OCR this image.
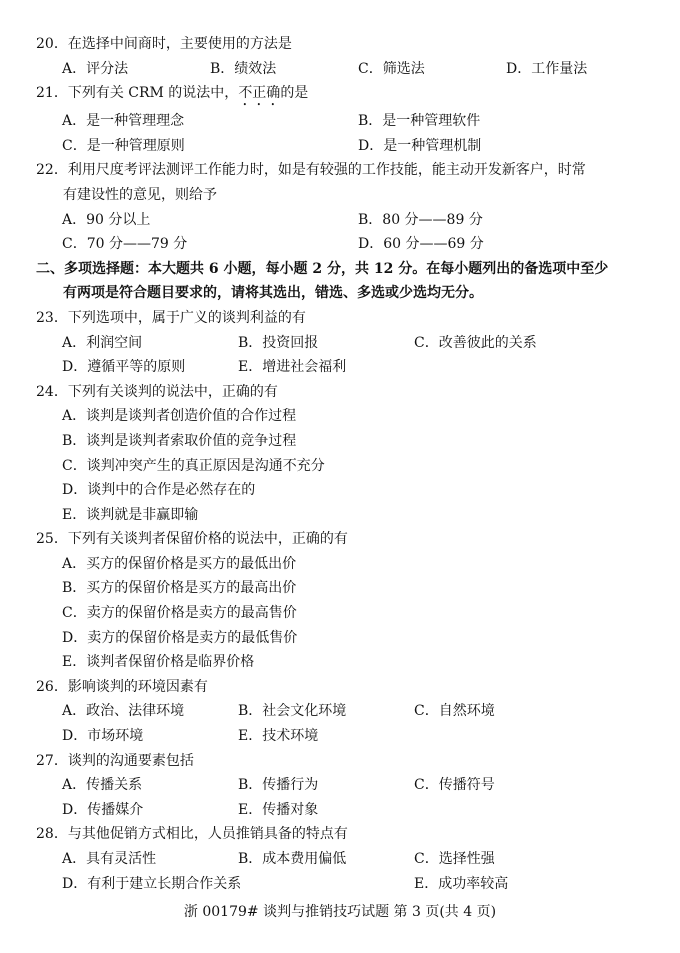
20．在选择中间商时，主要使用的方法是
A．评分法	B．绩效法	C．筛选法	D．工作量法
21．下列有关 CRM 的说法中，不正确的是
A．是一种管理理念	B．是一种管理软件
C．是一种管理原则	D．是一种管理机制
22．利用尺度考评法测评工作能力时，如是有较强的工作技能，能主动开发新客户，时常
有建设性的意见，则给予
A．90 分以上	B．80 分——89 分
C．70 分——79 分	D．60 分——69 分
二、多项选择题：本大题共 6 小题，每小题 2 分，共 12 分。在每小题列出的备选项中至少
有两项是符合题目要求的，请将其选出，错选、多选或少选均无分。
23．下列选项中，属于广义的谈判利益的有
A．利润空间	B．投资回报	C．改善彼此的关系
D．遵循平等的原则	E．增进社会福利
24．下列有关谈判的说法中，正确的有
A．谈判是谈判者创造价值的合作过程
B．谈判是谈判者索取价值的竞争过程
C．谈判冲突产生的真正原因是沟通不充分
D．谈判中的合作是必然存在的
E．谈判就是非赢即输
25．下列有关谈判者保留价格的说法中，正确的有
A．买方的保留价格是买方的最低出价
B．买方的保留价格是买方的最高出价
C．卖方的保留价格是卖方的最高售价
D．卖方的保留价格是卖方的最低售价
E．谈判者保留价格是临界价格
26．影响谈判的环境因素有
A．政治、法律环境	B．社会文化环境	C．自然环境
D．市场环境	E．技术环境
27．谈判的沟通要素包括
A．传播关系	B．传播行为	C．传播符号
D．传播媒介	E．传播对象
28．与其他促销方式相比，人员推销具备的特点有
A．具有灵活性	B．成本费用偏低	C．选择性强
D．有利于建立长期合作关系	E．成功率较高
浙 00179# 谈判与推销技巧试题 第 3 页(共 4 页)
